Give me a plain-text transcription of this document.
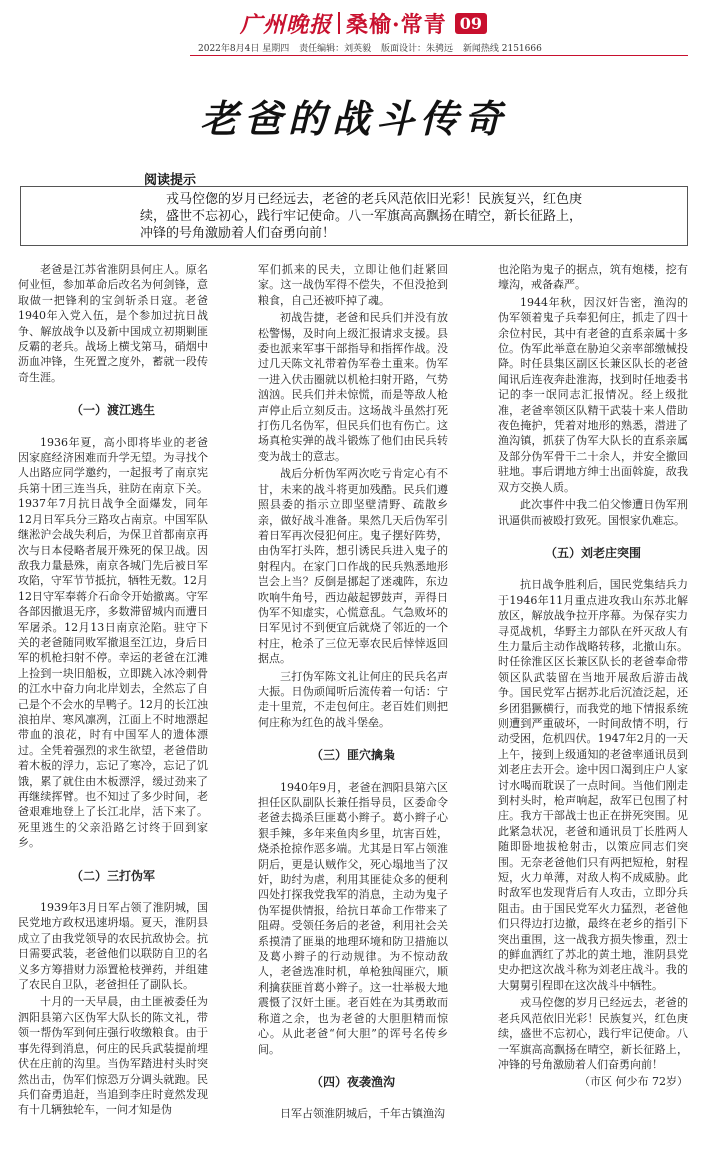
广州晚报 桑榆·常青 09
2022年8月4日 星期四 责任编辑：刘英毅 版面设计：朱骋远 新闻热线 2151666
老爸的战斗传奇
阅读提示
戎马倥偬的岁月已经远去，老爸的老兵风范依旧光彩！民族复兴，红色庚续，盛世不忘初心，践行牢记使命。八一军旗高高飘扬在晴空，新长征路上，冲锋的号角激励着人们奋勇向前！

老爸是江苏省淮阴县何庄人。原名何业恒，参加革命后改名为何剑锋，意取做一把锋利的宝剑斩杀日寇。老爸1940年入党入伍，是个参加过抗日战争、解放战争以及新中国成立初期剿匪反霸的老兵。战场上横戈第马，硝烟中沥血冲锋，生死置之度外，蓄就一段传奇生涯。

（一）渡江逃生

1936年夏，高小即将毕业的老爸因家庭经济困难而升学无望。为寻找个人出路应同学邀约，一起报考了南京宪兵第十团三连当兵，驻防在南京下关。1937年7月抗日战争全面爆发，同年12月日军兵分三路攻占南京。中国军队继淞沪会战失利后，为保卫首都南京再次与日本侵略者展开殊死的保卫战。因敌我力量悬殊，南京各城门先后被日军攻陷，守军节节抵抗，牺牲无数。12月12日守军奉蒋介石命令开始撤离。守军各部因撤退无序，多数滞留城内而遭日军屠杀。12月13日南京沦陷。驻守下关的老爸随同败军撤退至江边，身后日军的机枪扫射不停。幸运的老爸在江滩上捡到一块旧船板，立即跳入冰冷刺骨的江水中奋力向北岸划去，全然忘了自己是个不会水的旱鸭子。12月的长江浊浪拍岸、寒风凛冽，江面上不时地漂起带血的浪花，时有中国军人的遗体漂过。全凭着强烈的求生欲望，老爸借助着木板的浮力，忘记了寒冷，忘记了饥饿，累了就住由木板漂浮，缓过劲来了再继续挥臂。也不知过了多少时间，老爸艰难地登上了长江北岸，活下来了。死里逃生的父亲沿路乞讨终于回到家乡。

（二）三打伪军

1939年3月日军占领了淮阴城，国民党地方政权迅速坍塌。夏天，淮阴县成立了由我党领导的农民抗敌协会。抗日需要武装，老爸他们以联防自卫的名义多方筹措财力添置枪枝弹药，并组建了农民自卫队，老爸担任了副队长。

十月的一天早晨，由土匪被委任为泗阳县第六区伪军大队长的陈文礼，带领一帮伪军到何庄强行收缴粮食。由于事先得到消息，何庄的民兵武装提前埋伏在庄前的沟里。当伪军踏进村头时突然出击，伪军们惊恐万分调头就跑。民兵们奋勇追赶，当追到李庄时竟然发现有十几辆独轮车，一问才知是伪

军们抓来的民夫，立即让他们赶紧回家。这一战伪军得不偿失，不但没抢到粮食，自己还被吓掉了魂。

初战告捷，老爸和民兵们并没有放松警惕，及时向上级汇报请求支援。县委也派来军事干部指导和指挥作战。没过几天陈文礼带着伪军卷土重来。伪军一进入伏击圈就以机枪扫射开路，气势汹汹。民兵们并未惊慌，而是等敌人枪声停止后立刻反击。这场战斗虽然打死打伤几名伪军，但民兵们也有伤亡。这场真枪实弹的战斗锻炼了他们由民兵转变为战士的意志。

战后分析伪军两次吃亏肯定心有不甘，未来的战斗将更加残酷。民兵们遵照县委的指示立即坚壁清野、疏散乡亲，做好战斗准备。果然几天后伪军引着日军再次侵犯何庄。鬼子摆好阵势，由伪军打头阵，想引诱民兵进入鬼子的射程内。在家门口作战的民兵熟悉地形岂会上当？反倒是挪起了迷魂阵，东边吹响牛角号，西边敲起锣鼓声，弄得日伪军不知虚实，心慌意乱。气急败坏的日军见讨不到便宜后就烧了邻近的一个村庄，枪杀了三位无辜农民后悻悻返回据点。

三打伪军陈文礼让何庄的民兵名声大振。日伪顽闻听后流传着一句话：宁走十里荒，不走包何庄。老百姓们则把何庄称为红色的战斗堡垒。

（三）匪穴擒枭

1940年9月，老爸在泗阳县第六区担任区队副队长兼任指导员，区委命令老爸去捣杀巨匪葛小辫子。葛小辫子心狠手辣，多年来鱼肉乡里，坑害百姓，烧杀抢掠作恶多端。尤其是日军占领淮阴后，更是认贼作父，死心塌地当了汉奸，助纣为虐，利用其匪徒众多的便利四处打探我党我军的消息，主动为鬼子伪军提供情报，给抗日革命工作带来了阻碍。受领任务后的老爸，利用社会关系摸清了匪巢的地理环境和防卫措施以及葛小辫子的行动规律。为不惊动敌人，老爸选准时机，单枪独闯匪穴，顺利擒获匪首葛小辫子。这一壮举极大地震慑了汉奸土匪。老百姓在为其勇敢而称道之余，也为老爸的大胆胆精而惊心。从此老爸“何大胆”的诨号名传乡间。

（四）夜袭渔沟

日军占领淮阴城后，千年古镇渔沟

也沦陷为鬼子的据点，筑有炮楼，挖有壕沟，戒备森严。

1944年秋，因汉奸告密，渔沟的伪军领着鬼子兵奉犯何庄，抓走了四十余位村民，其中有老爸的直系亲属十多位。伪军此举意在胁迫父亲率部缴械投降。时任县集区副区长兼区队长的老爸闻讯后连夜奔赴淮海，找到时任地委书记的李一氓同志汇报情况。经上级批准，老爸率领区队精干武装十来人借助夜色掩护，凭着对地形的熟悉，潜进了渔沟镇，抓获了伪军大队长的直系亲属及部分伪军骨干二十余人，并安全撤回驻地。事后谓地方绅士出面斡旋，敌我双方交换人质。

此次事件中我二伯父惨遭日伪军刑讯逼供而被殴打致死。国恨家仇难忘。

（五）刘老庄突围

抗日战争胜利后，国民党集结兵力于1946年11月重点进攻我山东苏北解放区，解放战争拉开序幕。为保存实力寻觅战机，华野主力部队在歼灭敌人有生力量后主动作战略转移，北撤山东。时任徐淮区区长兼区队长的老爸奉命带领区队武装留在当地开展敌后游击战争。国民党军占据苏北后沉渣泛起，还乡团猖獗横行，而我党的地下情报系统则遭到严重破坏，一时间敌情不明，行动受困，危机四伏。1947年2月的一天上午，接到上级通知的老爸率通讯员到刘老庄去开会。途中因口渴到庄户人家讨水喝而耽误了一点时间。当他们刚走到村头时，枪声响起，敌军已包围了村庄。我方干部战士也正在拼死突围。见此紧急状况，老爸和通讯员丁长胜两人随即卧地拔枪射击，以策应同志们突围。无奈老爸他们只有两把短枪，射程短，火力单薄，对敌人构不成威胁。此时敌军也发现背后有人攻击，立即分兵阻击。由于国民党军火力猛烈，老爸他们只得边打边撤，最终在老乡的指引下突出重围，这一战我方损失惨重，烈士的鲜血洒红了苏北的黄土地，淮阴县党史办把这次战斗称为刘老庄战斗。我的大舅舅引程即在这次战斗中牺牲。

戎马倥偬的岁月已经远去，老爸的老兵风范依旧光彩！民族复兴，红色庚续，盛世不忘初心，践行牢记使命。八一军旗高高飘扬在晴空，新长征路上，冲锋的号角激励着人们奋勇向前！

（市区 何少布 72岁）
